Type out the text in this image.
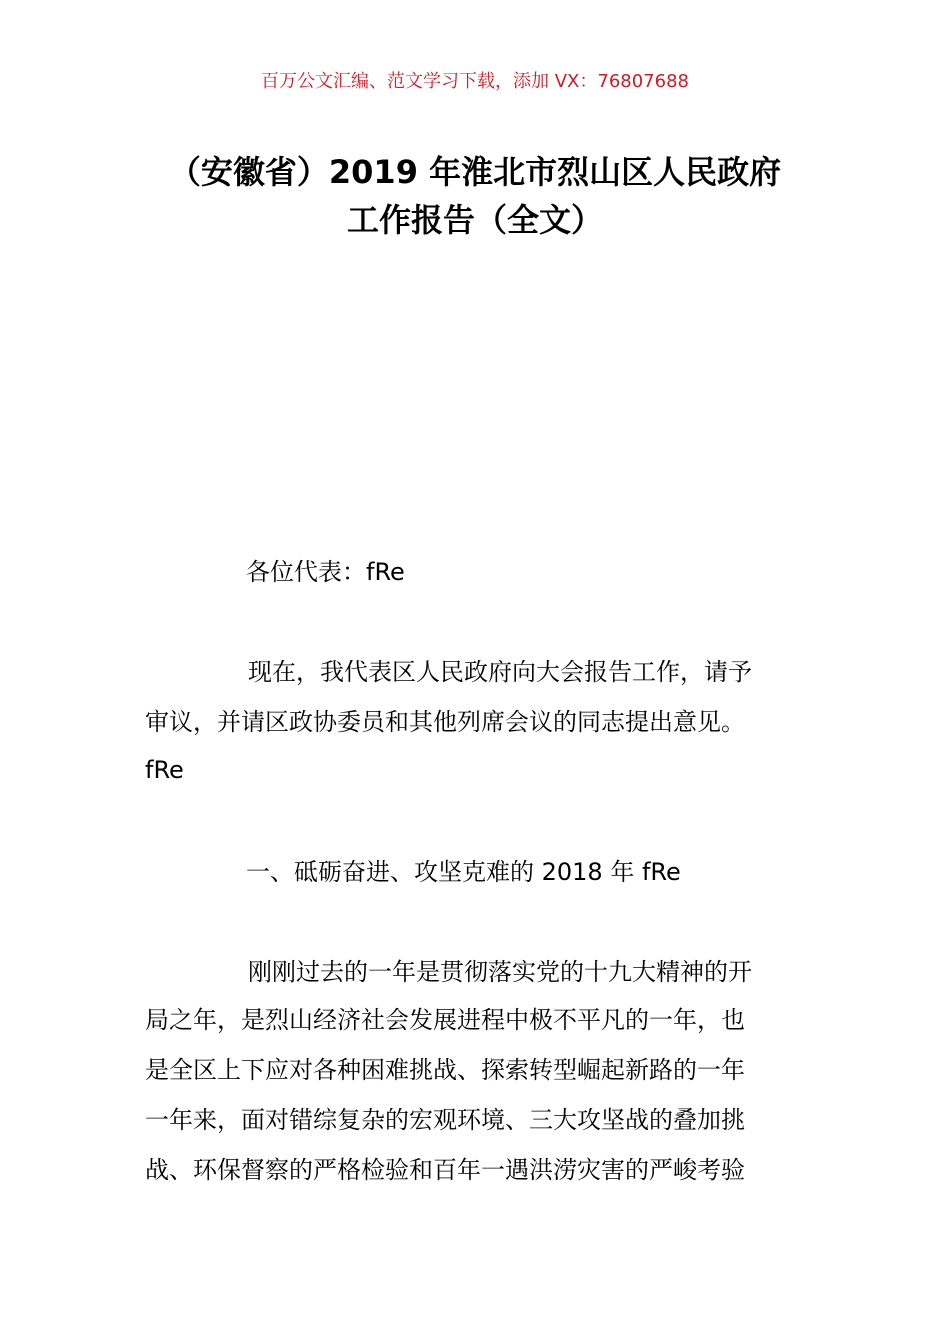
百万公文汇编、范文学习下载，添加 VX：76807688
（安徽省）2019 年淮北市烈山区人民政府
工作报告（全文）
各位代表：fRe
现在，我代表区人民政府向大会报告工作，请予
审议，并请区政协委员和其他列席会议的同志提出意见。
fRe
一、砥砺奋进、攻坚克难的 2018 年 fRe
刚刚过去的一年是贯彻落实党的十九大精神的开
局之年，是烈山经济社会发展进程中极不平凡的一年，也
是全区上下应对各种困难挑战、探索转型崛起新路的一年
一年来，面对错综复杂的宏观环境、三大攻坚战的叠加挑
战、环保督察的严格检验和百年一遇洪涝灾害的严峻考验
